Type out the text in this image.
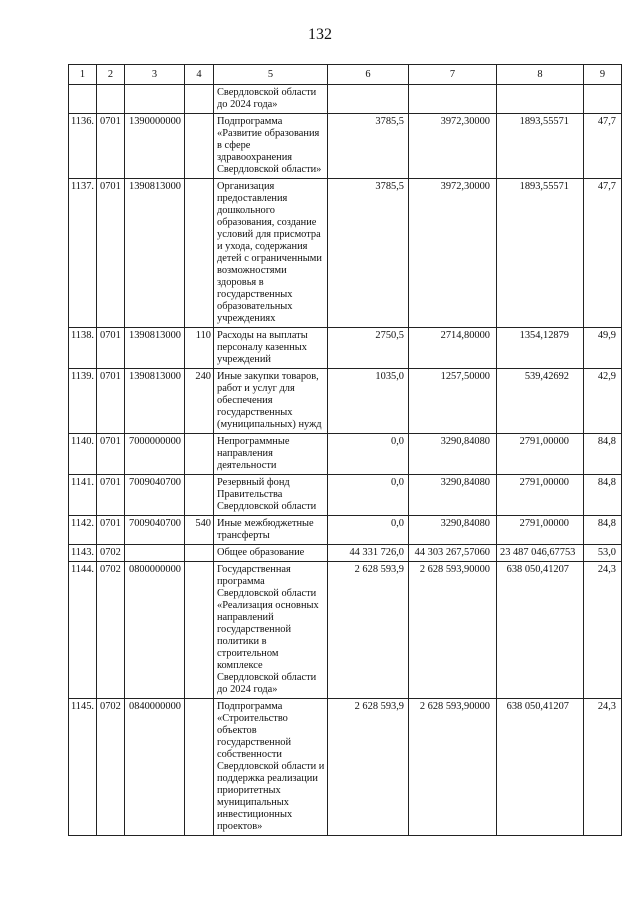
132
1	2	3	4	5	6	7	8	9
				Свердловской области до 2024 года»				
1136.	0701	1390000000		Подпрограмма «Развитие образования в сфере здравоохранения Свердловской области»	3785,5	3972,30000	1893,55571	47,7
1137.	0701	1390813000		Организация предоставления дошкольного образования, создание условий для присмотра и ухода, содержания детей с ограниченными возможностями здоровья в государственных образовательных учреждениях	3785,5	3972,30000	1893,55571	47,7
1138.	0701	1390813000	110	Расходы на выплаты персоналу казенных учреждений	2750,5	2714,80000	1354,12879	49,9
1139.	0701	1390813000	240	Иные закупки товаров, работ и услуг для обеспечения государственных (муниципальных) нужд	1035,0	1257,50000	539,42692	42,9
1140.	0701	7000000000		Непрограммные направления деятельности	0,0	3290,84080	2791,00000	84,8
1141.	0701	7009040700		Резервный фонд Правительства Свердловской области	0,0	3290,84080	2791,00000	84,8
1142.	0701	7009040700	540	Иные межбюджетные трансферты	0,0	3290,84080	2791,00000	84,8
1143.	0702			Общее образование	44 331 726,0	44 303 267,57060	23 487 046,67753	53,0
1144.	0702	0800000000		Государственная программа Свердловской области «Реализация основных направлений государственной политики в строительном комплексе Свердловской области до 2024 года»	2 628 593,9	2 628 593,90000	638 050,41207	24,3
1145.	0702	0840000000		Подпрограмма «Строительство объектов государственной собственности Свердловской области и поддержка реализации приоритетных муниципальных инвестиционных проектов»	2 628 593,9	2 628 593,90000	638 050,41207	24,3
